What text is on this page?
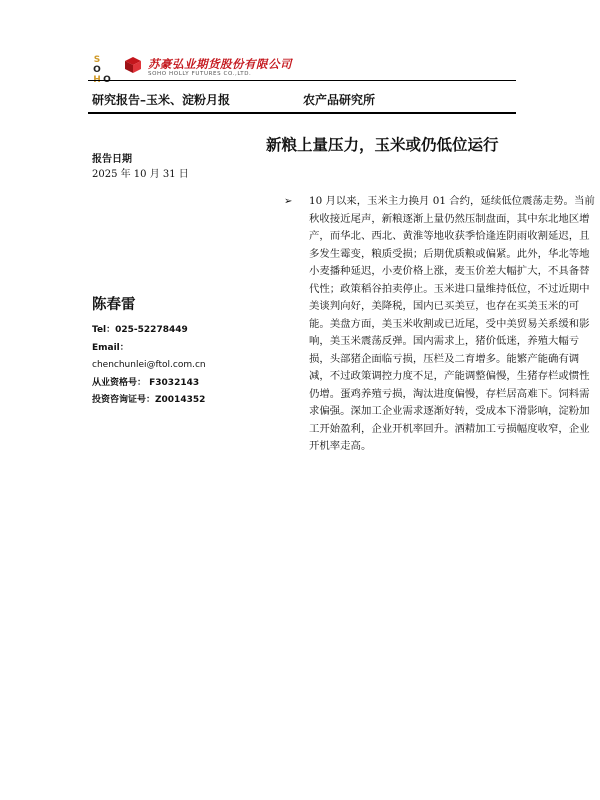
S
O	苏豪弘业期货股份有限公司
SOHO HOLLY FUTURES CO.,LTD.
研究报告–玉米、淀粉月报	农产品研究所
新粮上量压力，玉米或仍低位运行
报告日期
2025 年 10 月 31 日
陈春雷
Tel：025-52278449
Email：
chenchunlei@ftol.com.cn
从业资格号： F3032143
投资咨询证号：Z0014352
➢ 10 月以来，玉米主力换月 01 合约，延续低位震荡走势。当前秋收接近尾声，新粮逐渐上量仍然压制盘面，其中东北地区增产，而华北、西北、黄淮等地收获季恰逢连阴雨收割延迟，且多发生霉变，粮质受损；后期优质粮或偏紧。此外，华北等地小麦播种延迟，小麦价格上涨，麦玉价差大幅扩大，不具备替代性；政策稻谷拍卖停止。玉米进口量维持低位，不过近期中美谈判向好，美降税，国内已买美豆，也存在买美玉米的可能。美盘方面，美玉米收割或已近尾，受中美贸易关系缓和影响，美玉米震荡反弹。国内需求上，猪价低迷，养殖大幅亏损，头部猪企面临亏损，压栏及二育增多。能繁产能确有调减，不过政策调控力度不足，产能调整偏慢，生猪存栏或惯性仍增。蛋鸡养殖亏损，淘汰进度偏慢，存栏居高难下。饲料需求偏强。深加工企业需求逐渐好转，受成本下滑影响，淀粉加工开始盈利，企业开机率回升。酒精加工亏损幅度收窄，企业开机率走高。
